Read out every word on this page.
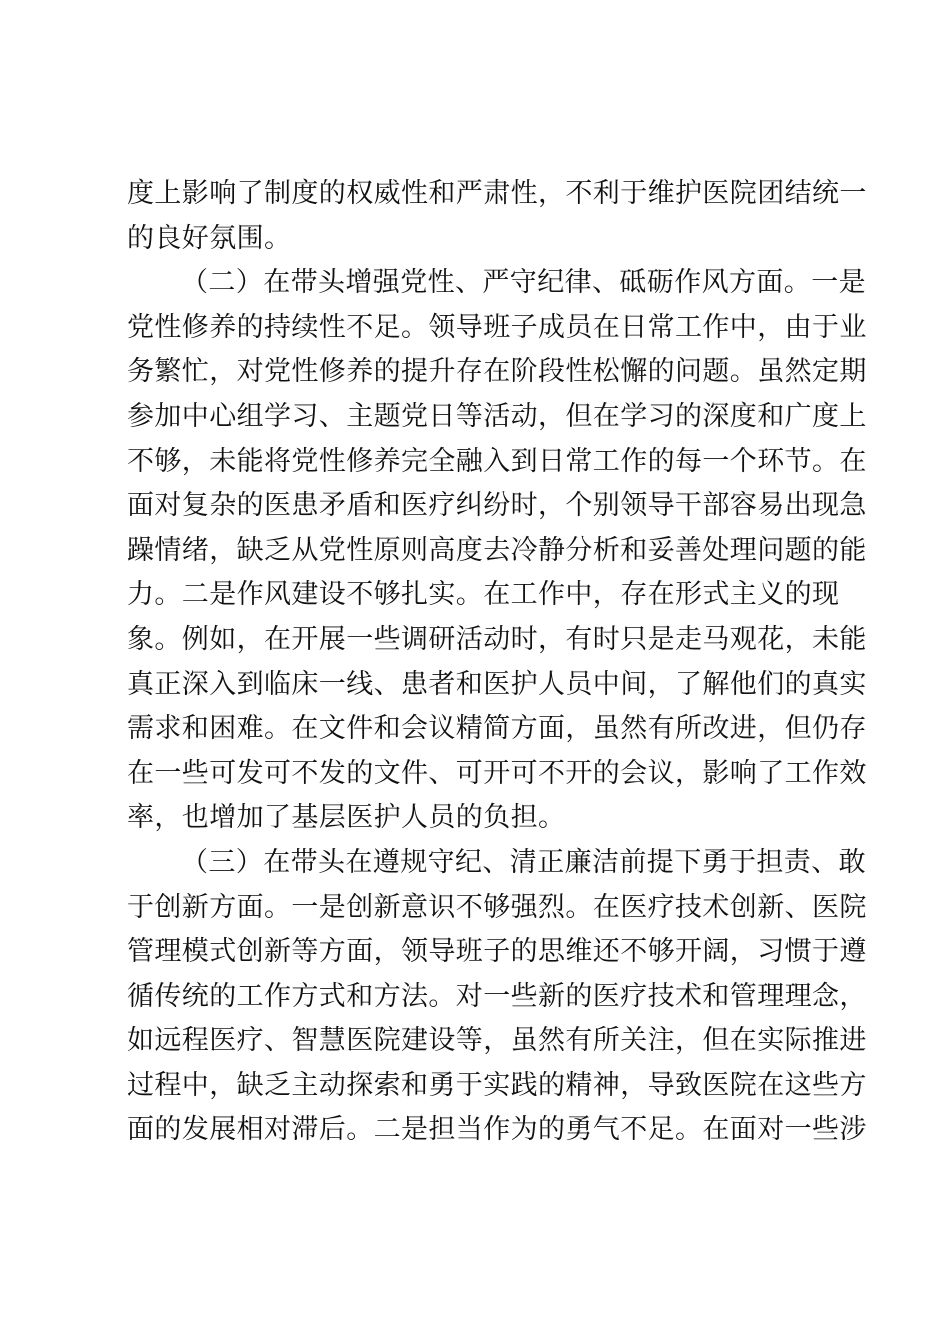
度上影响了制度的权威性和严肃性，不利于维护医院团结统一
的良好氛围。
（二）在带头增强党性、严守纪律、砥砺作风方面。一是
党性修养的持续性不足。领导班子成员在日常工作中，由于业
务繁忙，对党性修养的提升存在阶段性松懈的问题。虽然定期
参加中心组学习、主题党日等活动，但在学习的深度和广度上
不够，未能将党性修养完全融入到日常工作的每一个环节。在
面对复杂的医患矛盾和医疗纠纷时，个别领导干部容易出现急
躁情绪，缺乏从党性原则高度去冷静分析和妥善处理问题的能
力。二是作风建设不够扎实。在工作中，存在形式主义的现
象。例如，在开展一些调研活动时，有时只是走马观花，未能
真正深入到临床一线、患者和医护人员中间，了解他们的真实
需求和困难。在文件和会议精简方面，虽然有所改进，但仍存
在一些可发可不发的文件、可开可不开的会议，影响了工作效
率，也增加了基层医护人员的负担。
（三）在带头在遵规守纪、清正廉洁前提下勇于担责、敢
于创新方面。一是创新意识不够强烈。在医疗技术创新、医院
管理模式创新等方面，领导班子的思维还不够开阔，习惯于遵
循传统的工作方式和方法。对一些新的医疗技术和管理理念，
如远程医疗、智慧医院建设等，虽然有所关注，但在实际推进
过程中，缺乏主动探索和勇于实践的精神，导致医院在这些方
面的发展相对滞后。二是担当作为的勇气不足。在面对一些涉
